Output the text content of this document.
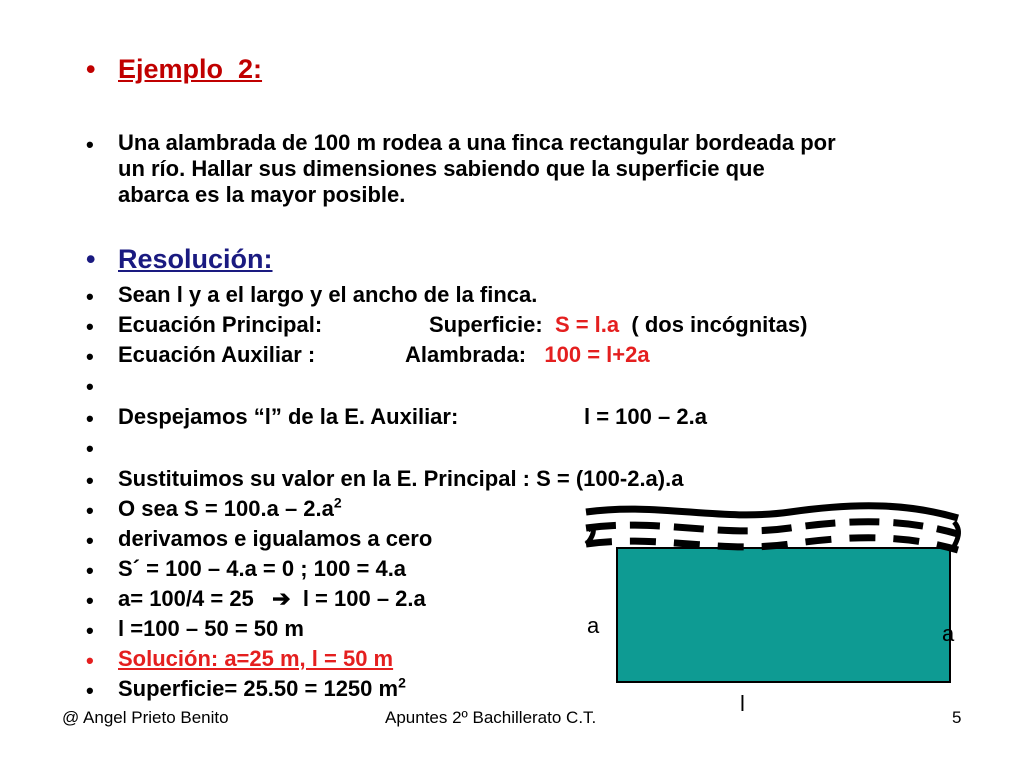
• Ejemplo_2:
• Una alambrada de 100 m rodea a una finca rectangular bordeada por
un río. Hallar sus dimensiones sabiendo que la superficie que
abarca es la mayor posible.
• Resolución:
• Sean l y a el largo y el ancho de la finca.
• Ecuación Principal:	Superficie: S = l.a ( dos incógnitas)
• Ecuación Auxiliar :	Alambrada: 100 = l+2a
•
• Despejamos “l” de la E. Auxiliar:	l = 100 – 2.a
•
• Sustituimos su valor en la E. Principal : S = (100-2.a).a
• O sea $S = 100.a - 2.a^2$
• derivamos e igualamos a cero
• S´ = 100 – 4.a = 0 ; 100 = 4.a
• a= 100/4 = 25 ➔ l = 100 – 2.a
• l =100 – 50 = 50 m
• Solución: a=25 m, l = 50 m
• Superficie= 25.50 = 1250 $m^2$
a	a
l
@ Angel Prieto Benito	Apuntes 2º Bachillerato C.T.	5
